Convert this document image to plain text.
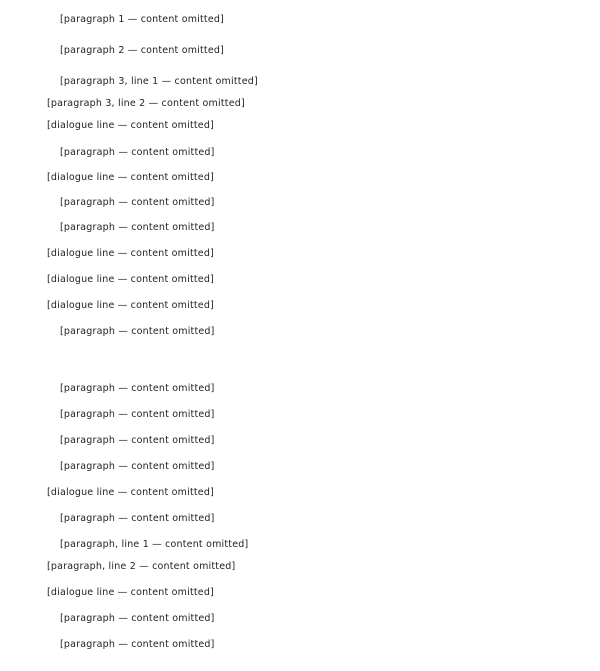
[paragraph 1 — content omitted]
[paragraph 2 — content omitted]
[paragraph 3, line 1 — content omitted]
[paragraph 3, line 2 — content omitted]
[dialogue line — content omitted]
[paragraph — content omitted]
[dialogue line — content omitted]
[paragraph — content omitted]
[paragraph — content omitted]
[dialogue line — content omitted]
[dialogue line — content omitted]
[dialogue line — content omitted]
[paragraph — content omitted]
[paragraph — content omitted]
[paragraph — content omitted]
[paragraph — content omitted]
[paragraph — content omitted]
[dialogue line — content omitted]
[paragraph — content omitted]
[paragraph, line 1 — content omitted]
[paragraph, line 2 — content omitted]
[dialogue line — content omitted]
[paragraph — content omitted]
[paragraph — content omitted]
